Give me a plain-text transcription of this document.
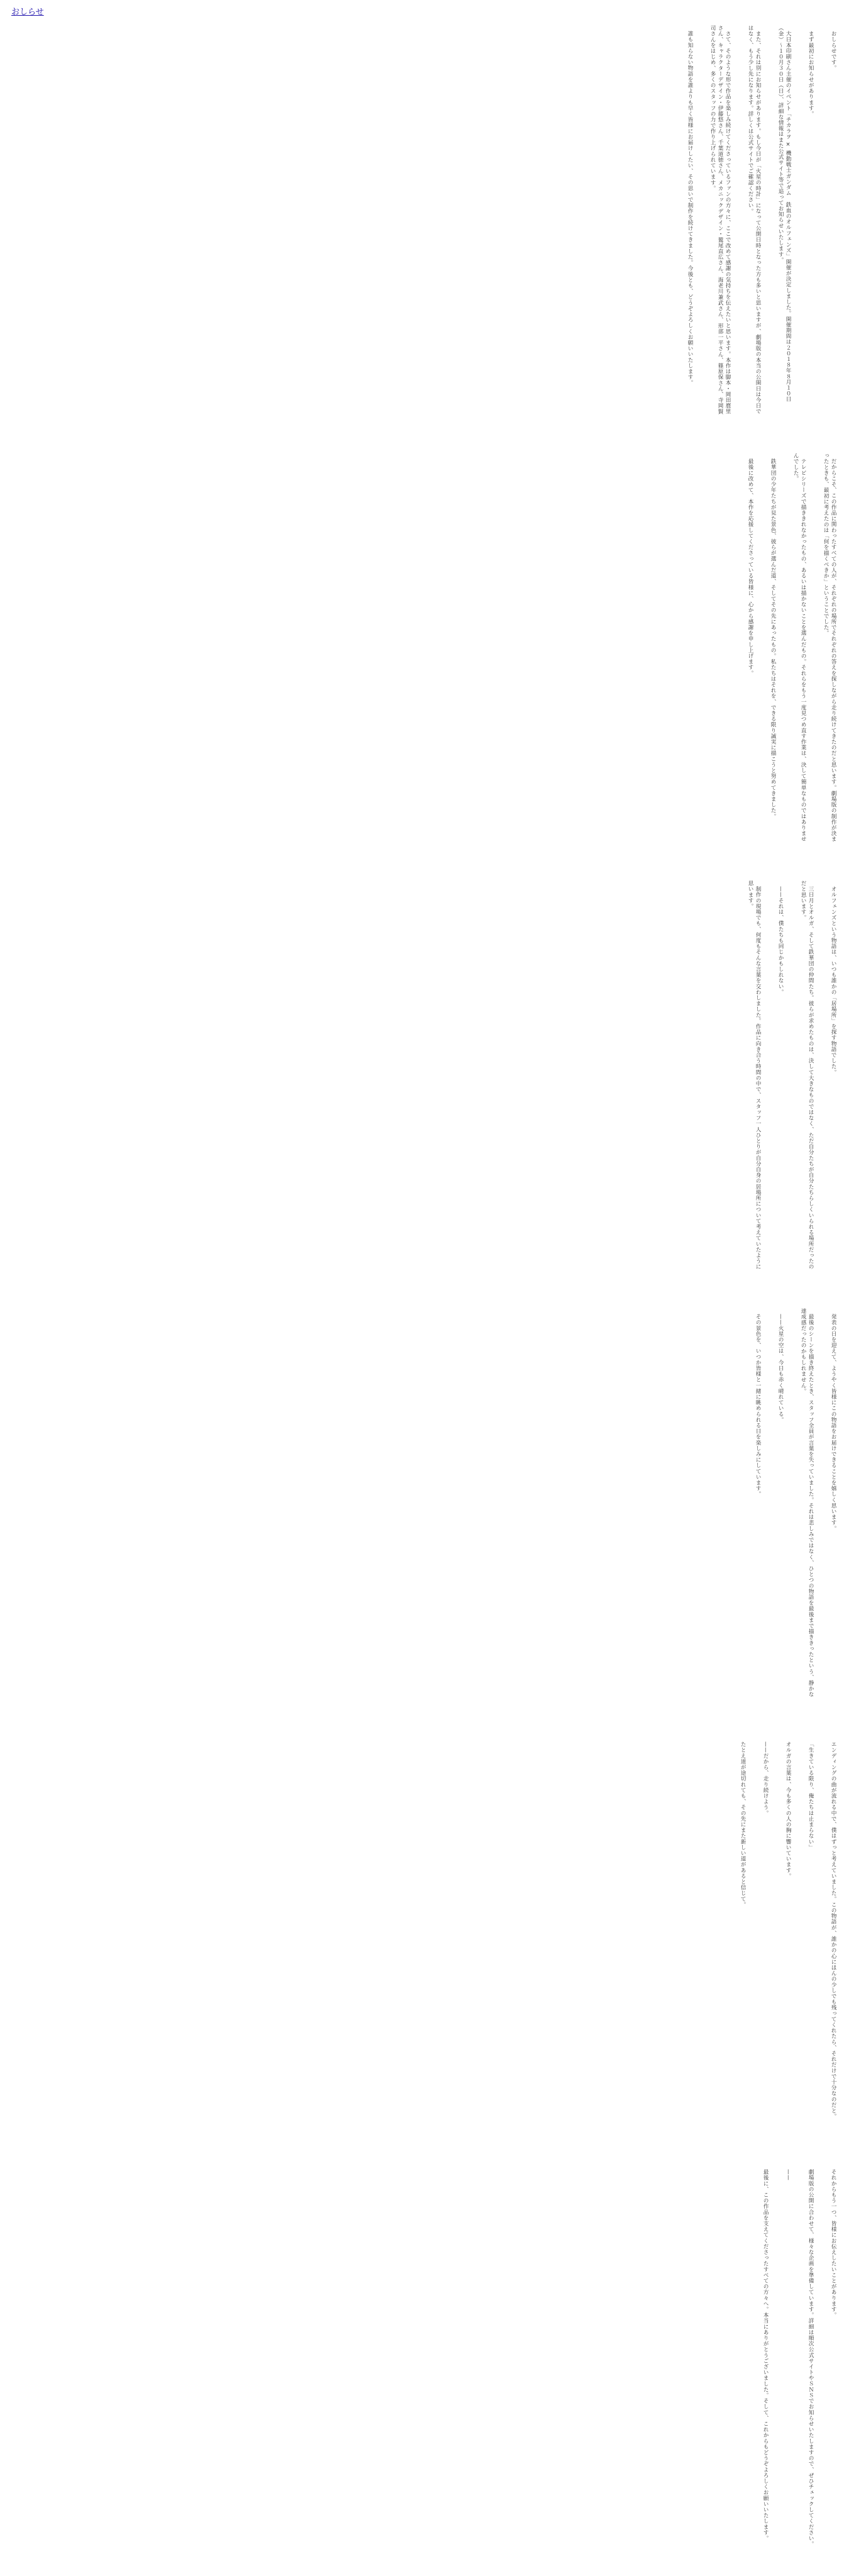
おしらせ

おしらせです。

まず最初にお知らせがあります。

大日本印刷さん主催のイベント「チカラヲ × 機動戦士ガンダム　鉄血のオルフェンズ」開催が決定しました。開催期間は２０１８年８月１０日（金）〜１０月３０日（日）、詳細な情報はまた公式サイト等で追ってお知らせいたします。

また、それは別にお知らせがあります。もし今日が「火星の時計」になって公開日時となった方も多いと思いますが、劇場版の本当の公開日は今日ではなく、もう少し先になります。詳しくは公式サイトでご確認ください。

さて、そのような形で作品を楽しみ続けてくださっているファンの方々に、ここで改めて感謝の気持ちを伝えたいと思います。本作は脚本・岡田麿里さん、キャラクターデザイン・伊藤悠さん、千葉道徳さん、メカニックデザイン・鷲尾直広さん、海老川兼武さん、形部一平さん、篠原保さん、寺岡賢司さんをはじめ、多くのスタッフの力で作り上げられています。

誰も知らない物語を誰よりも早く皆様にお届けしたい、その思いで制作を続けてきました。今後とも、どうぞよろしくお願いいたします。

だからこそ、この作品に関わったすべての人が、それぞれの場所でそれぞれの答えを探しながら走り続けてきたのだと思います。劇場版の制作が決まったときも、最初に考えたのは「何を描くべきか」ということでした。

テレビシリーズで描ききれなかったもの、あるいは描かないことを選んだもの。それらをもう一度見つめ直す作業は、決して簡単なものではありませんでした。

鉄華団の少年たちが見た景色、彼らが選んだ道、そしてその先にあったもの。私たちはそれを、できる限り誠実に描こうと努めてきました。

最後に改めて、本作を応援してくださっている皆様に、心から感謝を申し上げます。

オルフェンズという物語は、いつも誰かの「居場所」を探す物語でした。

三日月とオルガ、そして鉄華団の仲間たち。彼らが求めたものは、決して大きなものではなく、ただ自分たちが自分たちらしくいられる場所だったのだと思います。

——それは、僕たちも同じかもしれない。

制作の現場でも、何度もそんな言葉を交わしました。作品に向き合う時間の中で、スタッフ一人ひとりが自分自身の居場所について考えていたように思います。

発表の日を迎えて、ようやく皆様にこの物語をお届けできることを嬉しく思います。

最後のシーンを描き終えたとき、スタッフ全員が言葉を失っていました。それは悲しみではなく、ひとつの物語を最後まで描ききったという、静かな達成感だったのかもしれません。

——火星の空は、今日も赤く晴れている。

その景色を、いつか皆様と一緒に眺められる日を楽しみにしています。

エンディングの曲が流れる中で、僕はずっと考えていました。この物語が、誰かの心にほんの少しでも残ってくれたら、それだけで十分なのだと。

「生きている限り、俺たちは止まらない」

オルガの言葉は、今も多くの人の胸に響いています。

——だから、走り続けよう。

たとえ道が途切れても、その先にまた新しい道があると信じて。

それからもう一つ、皆様にお伝えしたいことがあります。

劇場版の公開に合わせて、様々な企画を準備しています。詳細は順次公式サイトやＳＮＳでお知らせいたしますので、ぜひチェックしてください。

——

最後に、この作品を支えてくださったすべての方々へ。本当にありがとうございました。そして、これからもどうぞよろしくお願いいたします。
